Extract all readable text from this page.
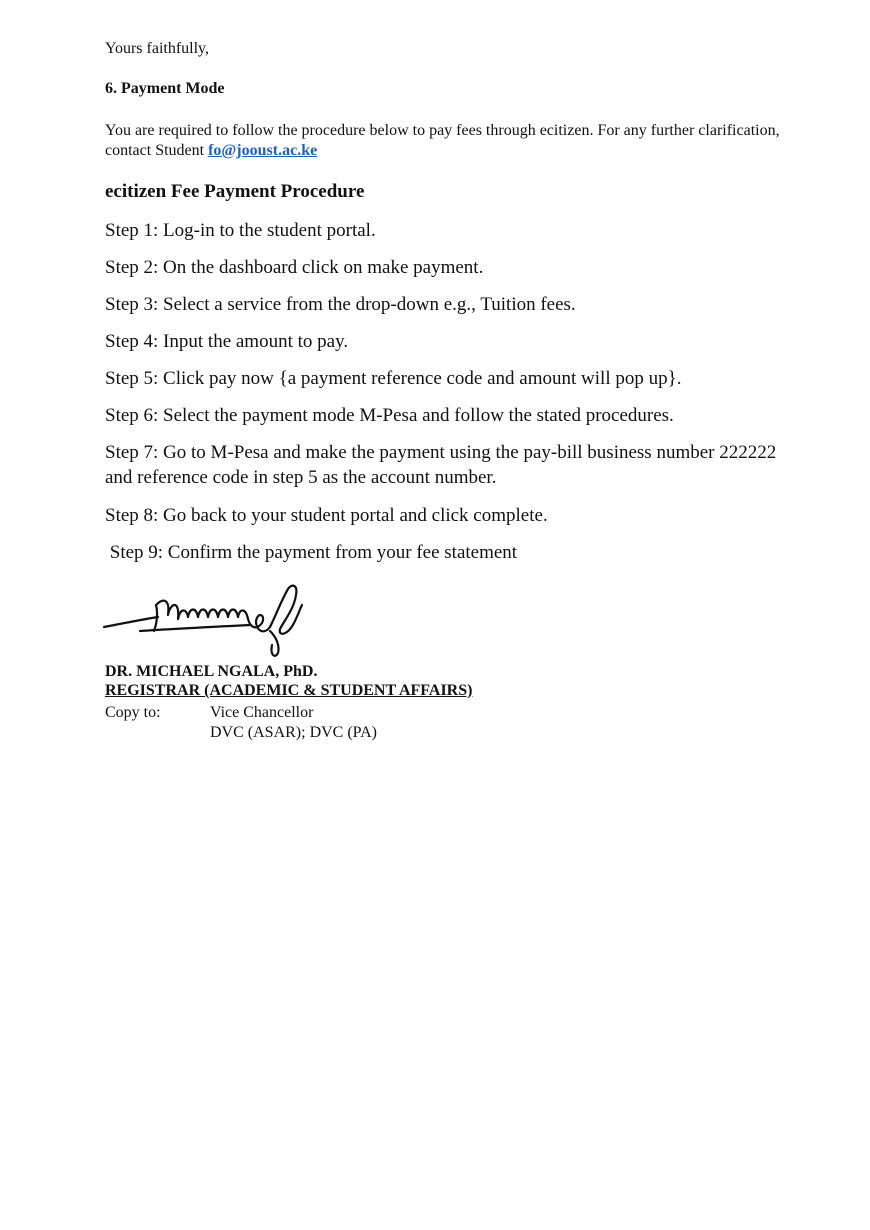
Yours faithfully,
6. Payment Mode
You are required to follow the procedure below to pay fees through ecitizen. For any further clarification, contact Student fo@jooust.ac.ke
ecitizen Fee Payment Procedure
Step 1: Log-in to the student portal.
Step 2: On the dashboard click on make payment.
Step 3: Select a service from the drop-down e.g., Tuition fees.
Step 4: Input the amount to pay.
Step 5: Click pay now {a payment reference code and amount will pop up}.
Step 6: Select the payment mode M-Pesa and follow the stated procedures.
Step 7: Go to M-Pesa and make the payment using the pay-bill business number 222222 and reference code in step 5 as the account number.
Step 8: Go back to your student portal and click complete.
Step 9: Confirm the payment from your fee statement
DR. MICHAEL NGALA, PhD.
REGISTRAR (ACADEMIC & STUDENT AFFAIRS)
Copy to:	Vice Chancellor
DVC (ASAR); DVC (PA)
